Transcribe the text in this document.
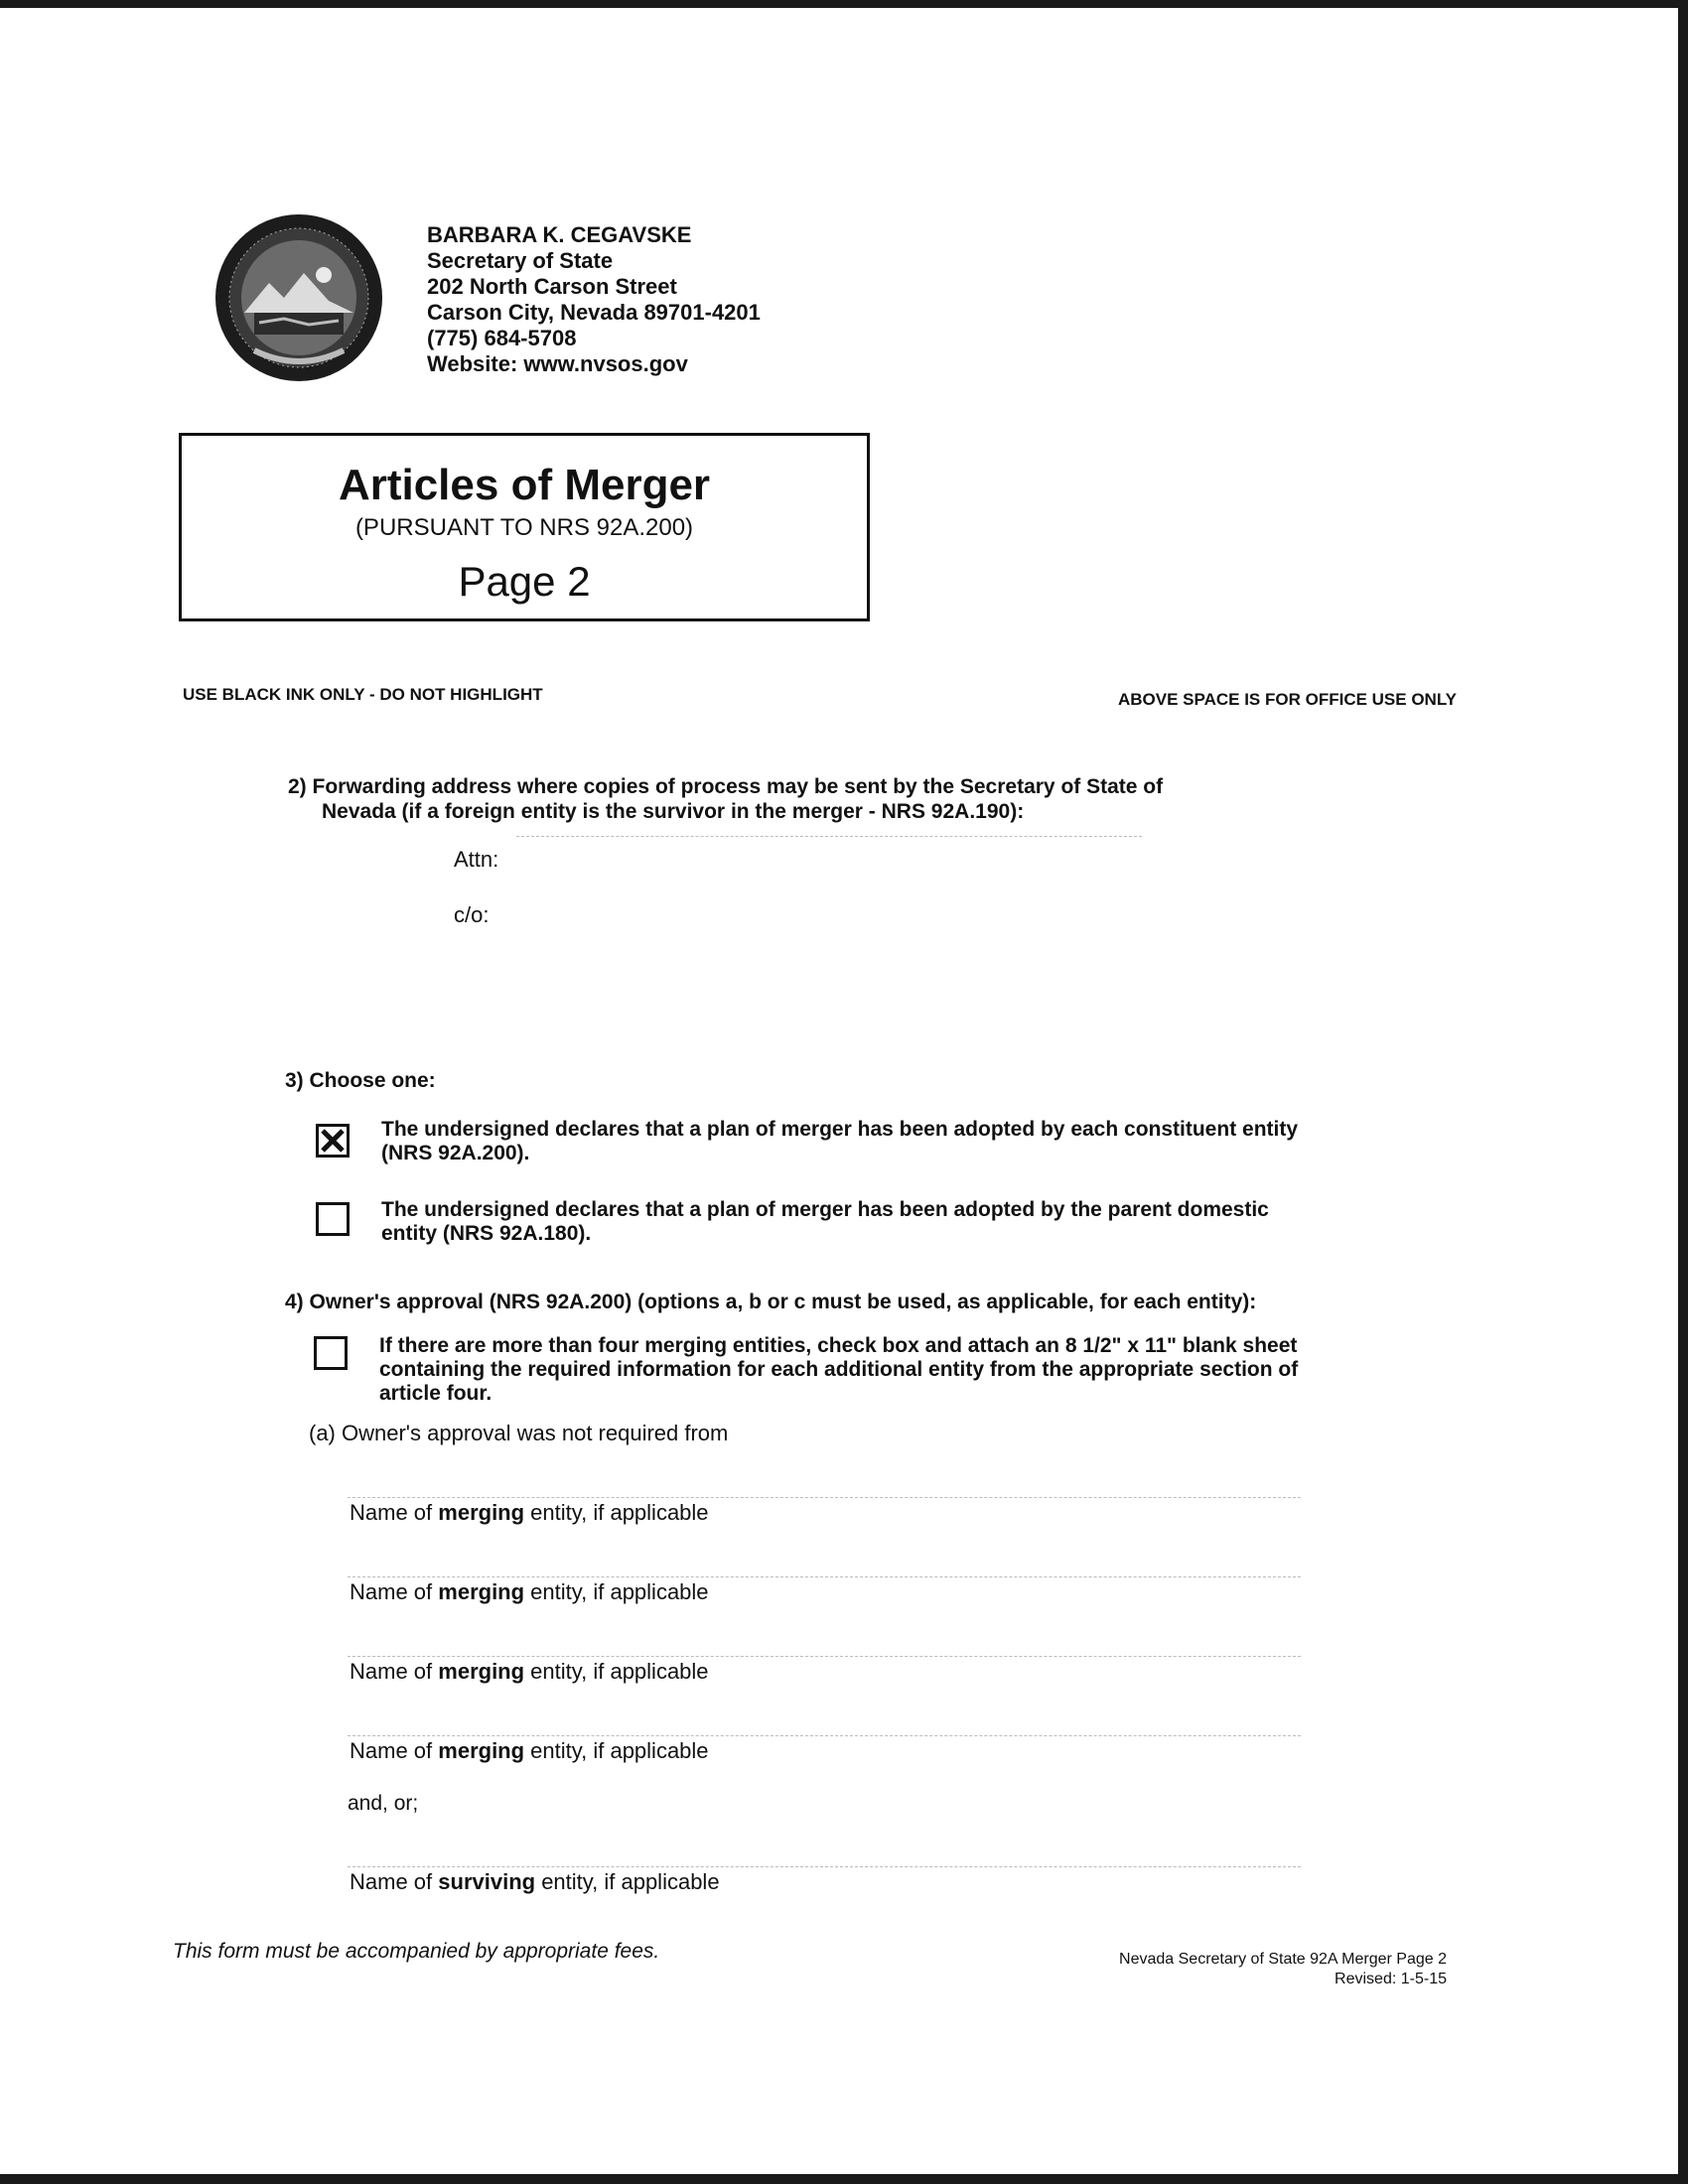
BARBARA K. CEGAVSKE
Secretary of State
202 North Carson Street
Carson City, Nevada 89701-4201
(775) 684-5708
Website: www.nvsos.gov
Articles of Merger
(PURSUANT TO NRS 92A.200)
Page 2
USE BLACK INK ONLY - DO NOT HIGHLIGHT	ABOVE SPACE IS FOR OFFICE USE ONLY
2) Forwarding address where copies of process may be sent by the Secretary of State of
Nevada (if a foreign entity is the survivor in the merger - NRS 92A.190):
Attn:
c/o:
3) Choose one:
The undersigned declares that a plan of merger has been adopted by each constituent entity
(NRS 92A.200).
The undersigned declares that a plan of merger has been adopted by the parent domestic
entity (NRS 92A.180).
4) Owner's approval (NRS 92A.200) (options a, b or c must be used, as applicable, for each entity):
If there are more than four merging entities, check box and attach an 8 1/2" x 11" blank sheet
containing the required information for each additional entity from the appropriate section of
article four.
(a) Owner's approval was not required from
Name of merging entity, if applicable
Name of merging entity, if applicable
Name of merging entity, if applicable
Name of merging entity, if applicable
and, or;
Name of surviving entity, if applicable
This form must be accompanied by appropriate fees.	Nevada Secretary of State 92A Merger Page 2
Revised: 1-5-15
